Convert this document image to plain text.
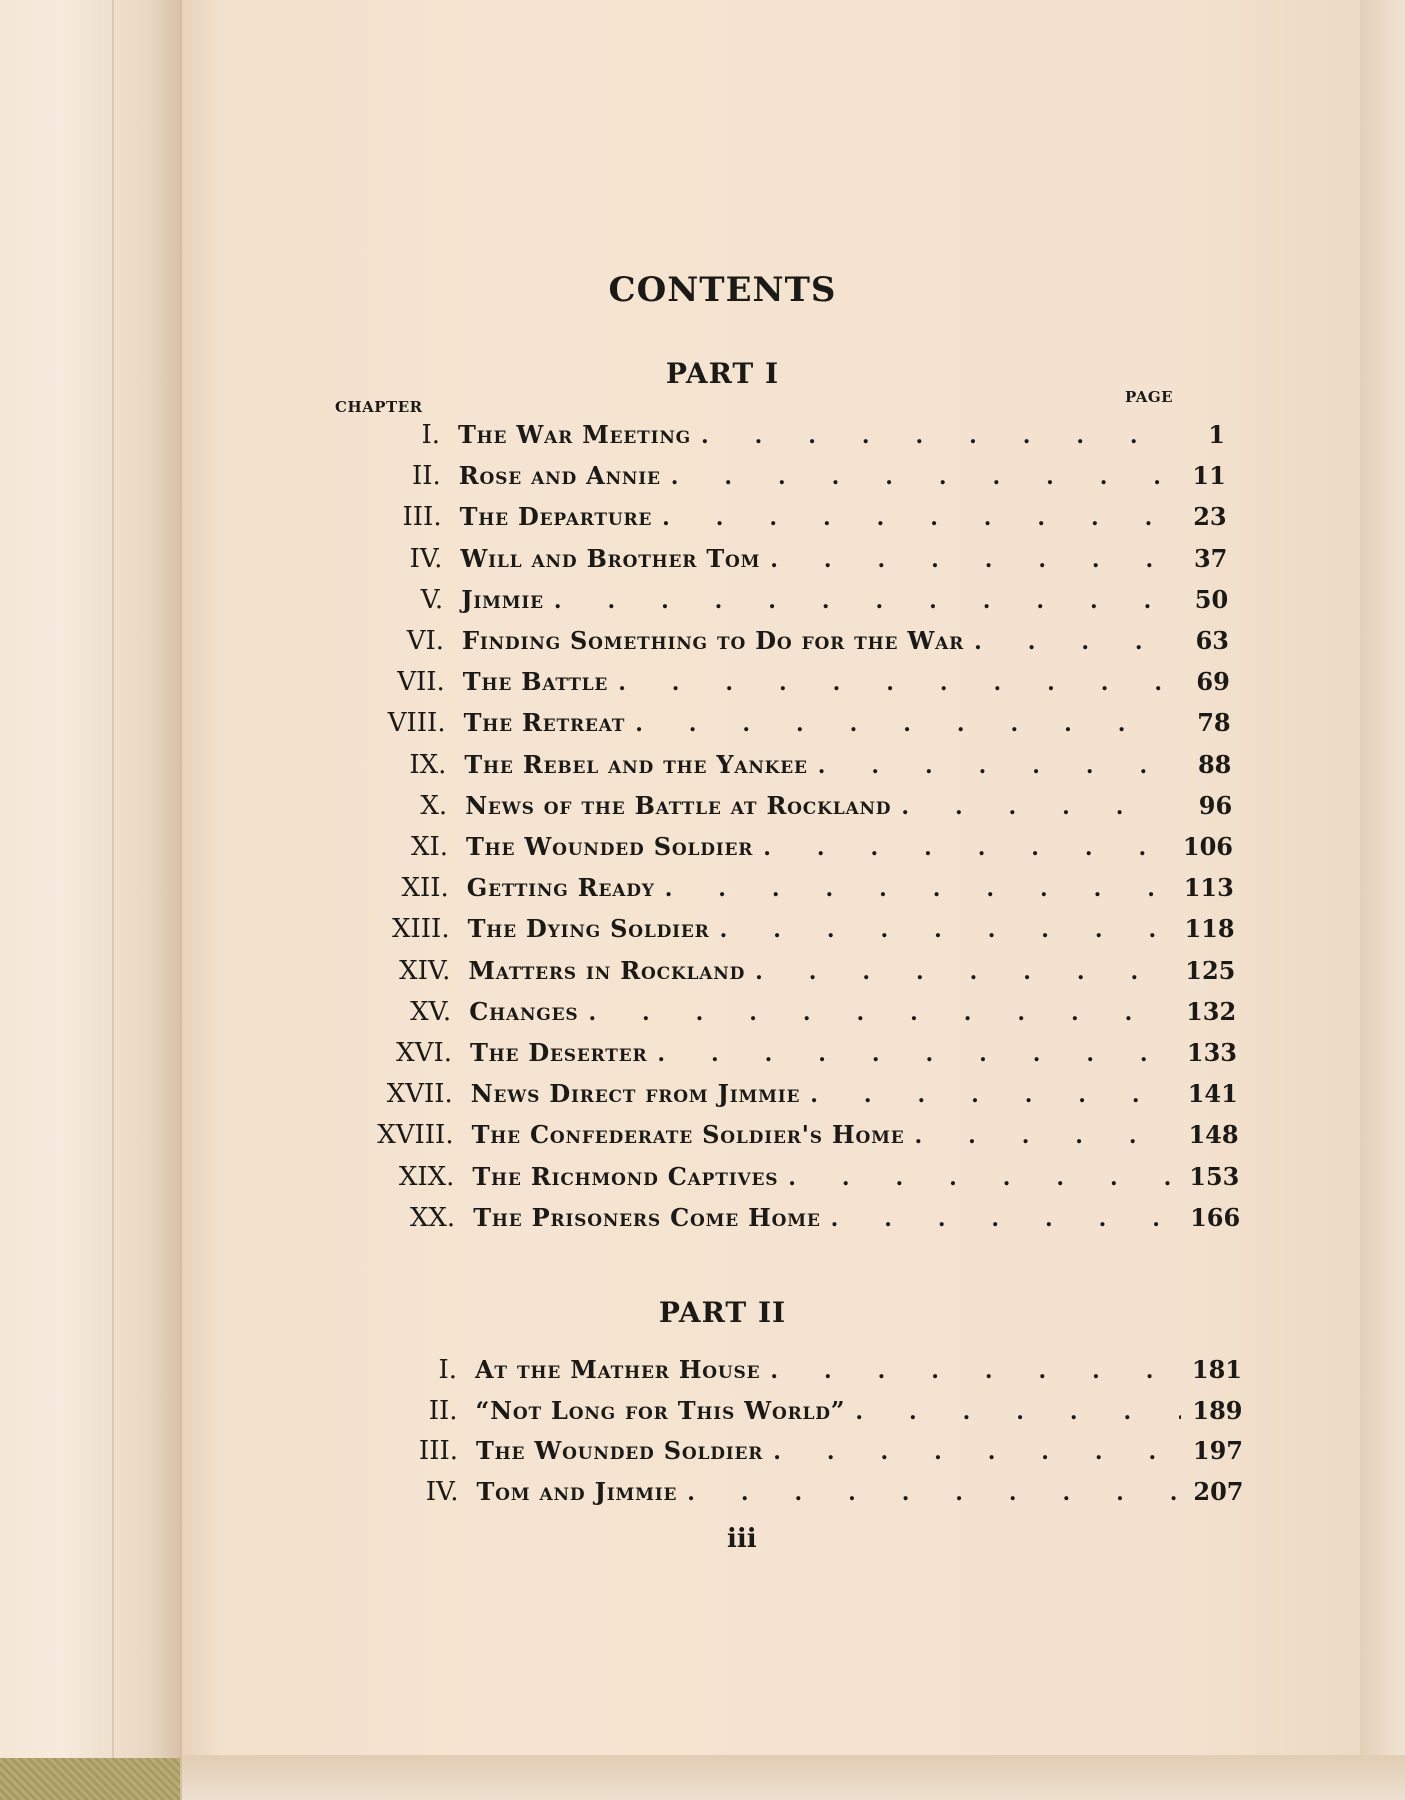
CONTENTS
PART I
CHAPTER
PAGE
I. The War Meeting .	1
II. Rose and Annie .	11
III. The Departure .	23
IV. Will and Brother Tom .	37
V. Jimmie .	50
VI. Finding Something to Do for the War .	63
VII. The Battle .	69
VIII. The Retreat .	78
IX. The Rebel and the Yankee .	88
X. News of the Battle at Rockland .	96
XI. The Wounded Soldier .	106
XII. Getting Ready .	113
XIII. The Dying Soldier .	118
XIV. Matters in Rockland .	125
XV. Changes .	132
XVI. The Deserter .	133
XVII. News Direct from Jimmie .	141
XVIII. The Confederate Soldier's Home .	148
XIX. The Richmond Captives .	153
XX. The Prisoners Come Home .	166
PART II
I. At the Mather House .	181
II. “Not Long for This World” .	189
III. The Wounded Soldier .	197
IV. Tom and Jimmie .	207
iii
